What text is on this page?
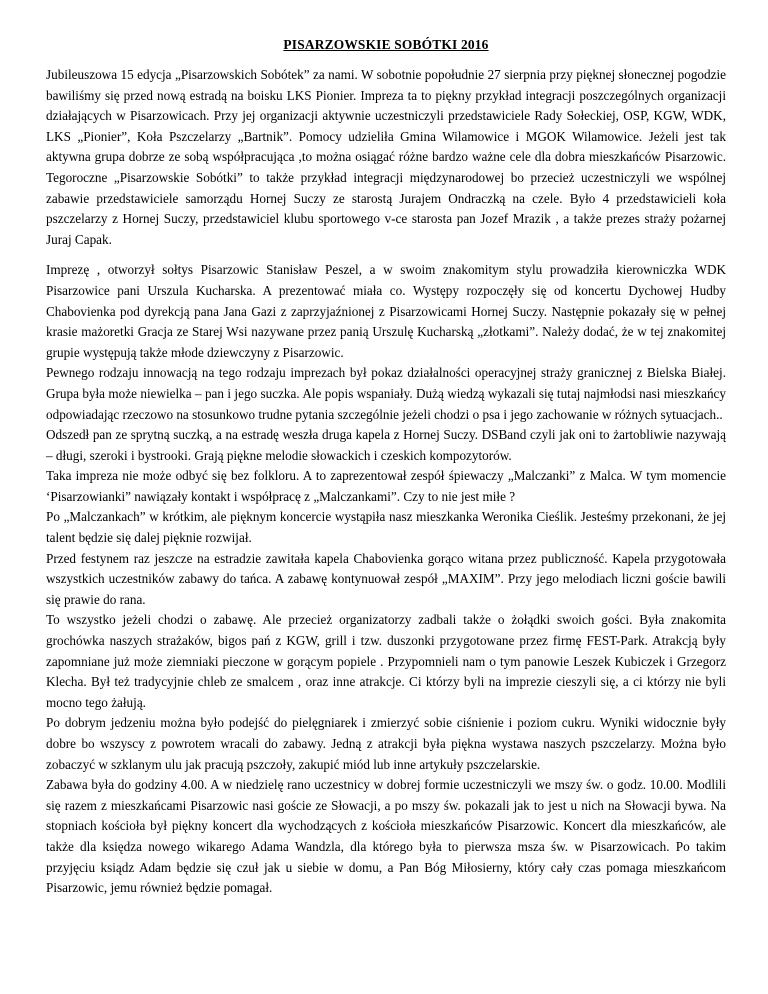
PISARZOWSKIE SOBÓTKI 2016

Jubileuszowa 15 edycja „Pisarzowskich Sobótek” za nami. W sobotnie popołudnie 27 sierpnia przy pięknej słonecznej pogodzie bawiliśmy się przed nową estradą na boisku LKS Pionier. Impreza ta to piękny przykład integracji poszczególnych organizacji działających w Pisarzowicach. Przy jej organizacji aktywnie uczestniczyli przedstawiciele Rady Sołeckiej, OSP, KGW, WDK, LKS „Pionier”, Koła Pszczelarzy „Bartnik”. Pomocy udzieliła Gmina Wilamowice i MGOK Wilamowice. Jeżeli jest tak aktywna grupa dobrze ze sobą współpracująca ,to można osiągać różne bardzo ważne cele dla dobra mieszkańców Pisarzowic. Tegoroczne „Pisarzowskie Sobótki” to także przykład integracji międzynarodowej bo przecież uczestniczyli we wspólnej zabawie przedstawiciele samorządu Hornej Suczy ze starostą Jurajem Ondraczką na czele. Było 4 przedstawicieli koła pszczelarzy z Hornej Suczy, przedstawiciel klubu sportowego v-ce starosta pan Jozef Mrazik , a także prezes straży pożarnej Juraj Capak.

Imprezę , otworzył sołtys Pisarzowic Stanisław Peszel, a w swoim znakomitym stylu prowadziła kierowniczka WDK Pisarzowice pani Urszula Kucharska. A prezentować miała co. Występy rozpoczęły się od koncertu Dychowej Hudby Chabovienka pod dyrekcją pana Jana Gazi z zaprzyjaźnionej z Pisarzowicami Hornej Suczy. Następnie pokazały się w pełnej krasie mażoretki Gracja ze Starej Wsi nazywane przez panią Urszulę Kucharską „złotkami”. Należy dodać, że w tej znakomitej grupie występują także młode dziewczyny z Pisarzowic.

Pewnego rodzaju innowacją na tego rodzaju imprezach był pokaz działalności operacyjnej straży granicznej z Bielska Białej. Grupa była może niewielka – pan i jego suczka. Ale popis wspaniały. Dużą wiedzą wykazali się tutaj najmłodsi nasi mieszkańcy odpowiadając rzeczowo na stosunkowo trudne pytania szczególnie jeżeli chodzi o psa i jego zachowanie w różnych sytuacjach..

Odszedł pan ze sprytną suczką, a na estradę weszła druga kapela z Hornej Suczy. DSBand czyli jak oni to żartobliwie nazywają – długi, szeroki i bystrooki. Grają piękne melodie słowackich i czeskich kompozytorów.

Taka impreza nie może odbyć się bez folkloru. A to zaprezentował zespół śpiewaczy „Malczanki” z Malca. W tym momencie ‘Pisarzowianki” nawiązały kontakt i współpracę z „Malczankami”. Czy to nie jest miłe ?

Po „Malczankach” w krótkim, ale pięknym koncercie wystąpiła nasz mieszkanka Weronika Cieślik. Jesteśmy przekonani, że jej talent będzie się dalej pięknie rozwijał.

Przed festynem raz jeszcze na estradzie zawitała kapela Chabovienka gorąco witana przez publiczność. Kapela przygotowała wszystkich uczestników zabawy do tańca. A zabawę kontynuował zespół „MAXIM”. Przy jego melodiach liczni goście bawili się prawie do rana.

To wszystko jeżeli chodzi o zabawę. Ale przecież organizatorzy zadbali także o żołądki swoich gości. Była znakomita grochówka naszych strażaków, bigos pań z KGW, grill i tzw. duszonki przygotowane przez firmę FEST-Park. Atrakcją były zapomniane już może ziemniaki pieczone w gorącym popiele . Przypomnieli nam o tym panowie Leszek Kubiczek i Grzegorz Klecha. Był też tradycyjnie chleb ze smalcem , oraz inne atrakcje. Ci którzy byli na imprezie cieszyli się, a ci którzy nie byli mocno tego żałują.

Po dobrym jedzeniu można było podejść do pielęgniarek i zmierzyć sobie ciśnienie i poziom cukru. Wyniki widocznie były dobre bo wszyscy z powrotem wracali do zabawy. Jedną z atrakcji była piękna wystawa naszych pszczelarzy. Można było zobaczyć w szklanym ulu jak pracują pszczoły, zakupić miód lub inne artykuły pszczelarskie.

Zabawa była do godziny 4.00. A w niedzielę rano uczestnicy w dobrej formie uczestniczyli we mszy św. o godz. 10.00. Modlili się razem z mieszkańcami Pisarzowic nasi goście ze Słowacji, a po mszy św. pokazali jak to jest u nich na Słowacji bywa. Na stopniach kościoła był piękny koncert dla wychodzących z kościoła mieszkańców Pisarzowic. Koncert dla mieszkańców, ale także dla księdza nowego wikarego Adama Wandzla, dla którego była to pierwsza msza św. w Pisarzowicach. Po takim przyjęciu ksiądz Adam będzie się czuł jak u siebie w domu, a Pan Bóg Miłosierny, który cały czas pomaga mieszkańcom Pisarzowic, jemu również będzie pomagał.
